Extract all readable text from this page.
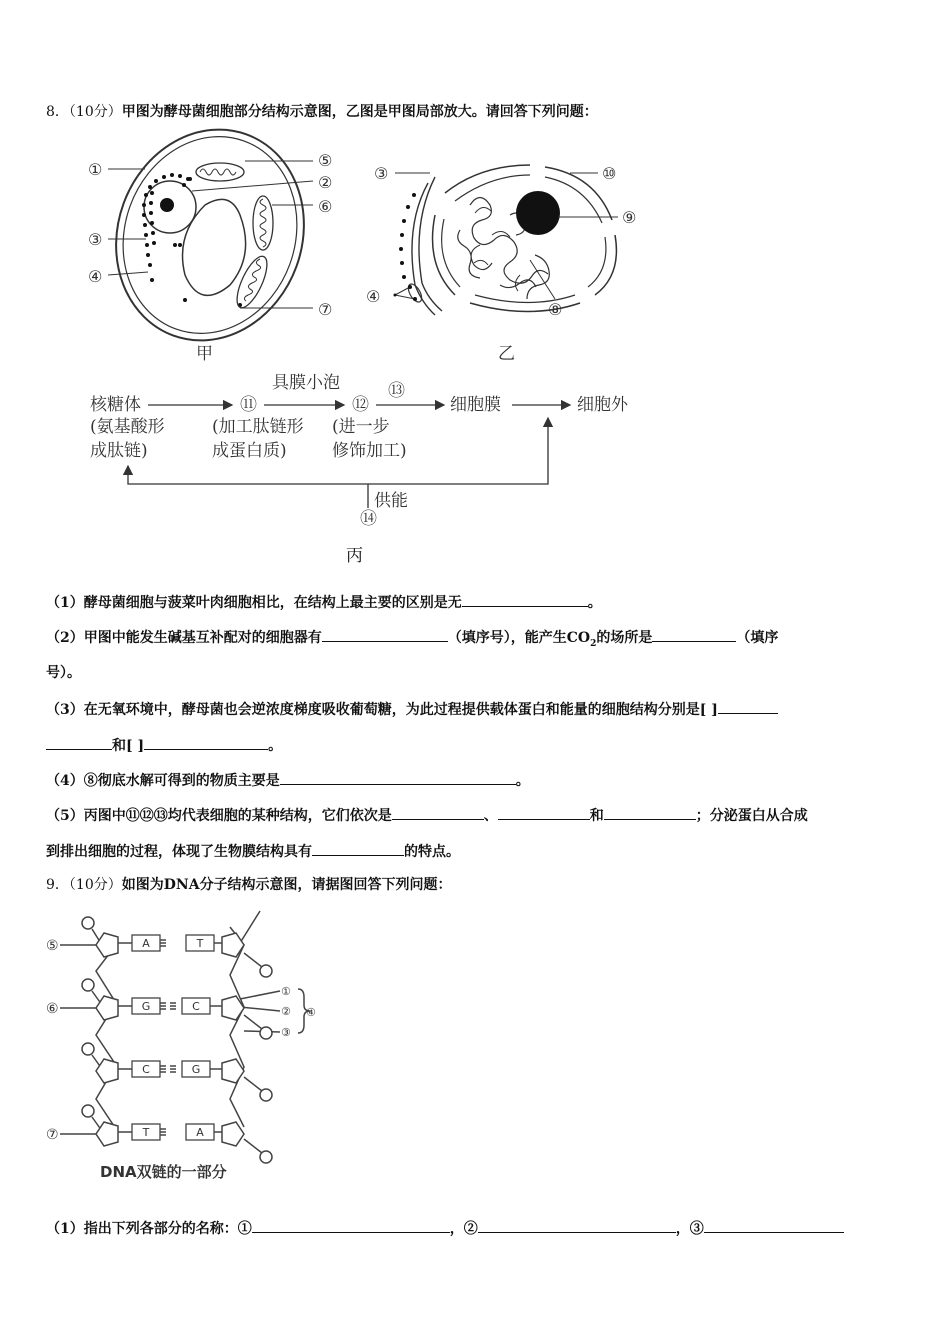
8．（10分）甲图为酵母菌细胞部分结构示意图，乙图是甲图局部放大。请回答下列问题：
①	⑤
②
⑥
③
④
⑦
甲
③
④
⑧
⑨
⑩
乙
核糖体
(氨基酸形
成肽链)
⑪
(加工肽链形
成蛋白质)
具膜小泡
⑫
(进一步
修饰加工)
⑬
细胞膜	细胞外
供能
⑭
丙
（1）酵母菌细胞与菠菜叶肉细胞相比，在结构上最主要的区别是无	。
（2）甲图中能发生碱基互补配对的细胞器有	（填序号），能产生$CO_2$的场所是	（填序
号）。
（3）在无氧环境中，酵母菌也会逆浓度梯度吸收葡萄糖，为此过程提供载体蛋白和能量的细胞结构分别是[ ]
和[ ]	。
（4）⑧彻底水解可得到的物质主要是	。
（5）丙图中⑪⑫⑬均代表细胞的某种结构，它们依次是	、	和	；分泌蛋白从合成
到排出细胞的过程，体现了生物膜结构具有	的特点。
9．（10分）如图为DNA分子结构示意图，请据图回答下列问题：
A	T
G	C
C	G
T	A
⑤
⑥
⑦
①
②
③
④
DNA双链的一部分
（1）指出下列各部分的名称：①	，②	，③
